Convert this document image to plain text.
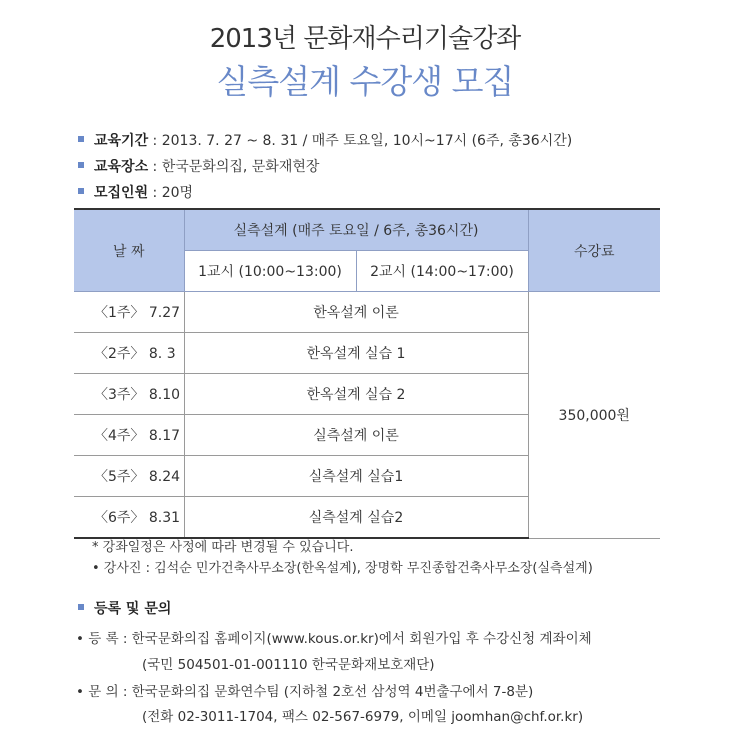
2013년 문화재수리기술강좌
실측설계 수강생 모집
교육기간 : 2013. 7. 27 ~ 8. 31 / 매주 토요일, 10시~17시 (6주, 총36시간)
교육장소 : 한국문화의집, 문화재현장
모집인원 : 20명
날 짜	실측설계 (매주 토요일 / 6주, 총36시간)		수강료
	1교시 (10:00~13:00)	2교시 (14:00~17:00)	
〈1주〉 7.27	한옥설계 이론		350,000원
〈2주〉 8. 3	한옥설계 실습 1		
〈3주〉 8.10	한옥설계 실습 2		
〈4주〉 8.17	실측설계 이론		
〈5주〉 8.24	실측설계 실습1		
〈6주〉 8.31	실측설계 실습2		
* 강좌일정은 사정에 따라 변경될 수 있습니다.
• 강사진 : 김석순 민가건축사무소장(한옥설계), 장명학 무진종합건축사무소장(실측설계)
등록 및 문의
• 등 록 : 한국문화의집 홈페이지(www.kous.or.kr)에서 회원가입 후 수강신청 계좌이체
(국민 504501-01-001110 한국문화재보호재단)
• 문 의 : 한국문화의집 문화연수팀 (지하철 2호선 삼성역 4번출구에서 7-8분)
(전화 02-3011-1704, 팩스 02-567-6979, 이메일 joomhan@chf.or.kr)
